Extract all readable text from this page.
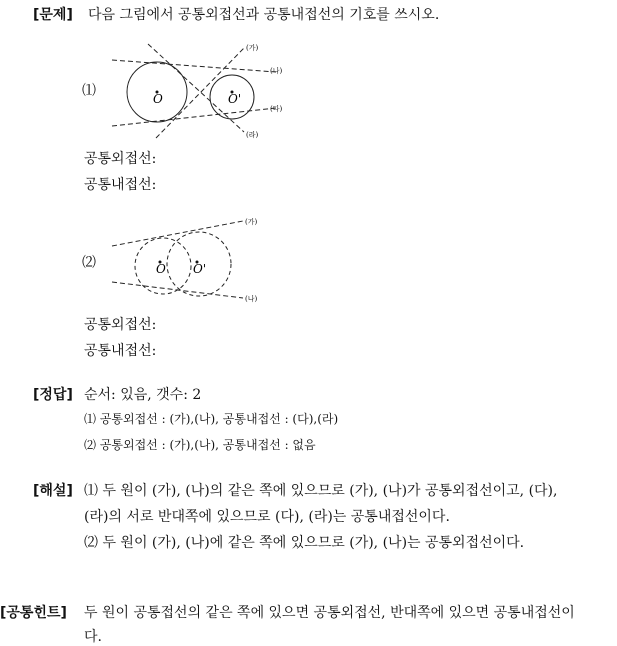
[문제] 다음 그림에서 공통외접선과 공통내접선의 기호를 쓰시오.
⑴	O	O'
(가)
(나)
(다)
(라)
공통외접선:
공통내접선:
⑵	O O'
(가)
(나)
공통외접선:
공통내접선:
[정답] 순서: 있음, 갯수: 2
⑴ 공통외접선 : (가),(나), 공통내접선 : (다),(라)
⑵ 공통외접선 : (가),(나), 공통내접선 : 없음
[해설] ⑴ 두 원이 (가), (나)의 같은 쪽에 있으므로 (가), (나)가 공통외접선이고, (다),
(라)의 서로 반대쪽에 있으므로 (다), (라)는 공통내접선이다.
⑵ 두 원이 (가), (나)에 같은 쪽에 있으므로 (가), (나)는 공통외접선이다.
[공통힌트] 두 원이 공통접선의 같은 쪽에 있으면 공통외접선, 반대쪽에 있으면 공통내접선이
다.
